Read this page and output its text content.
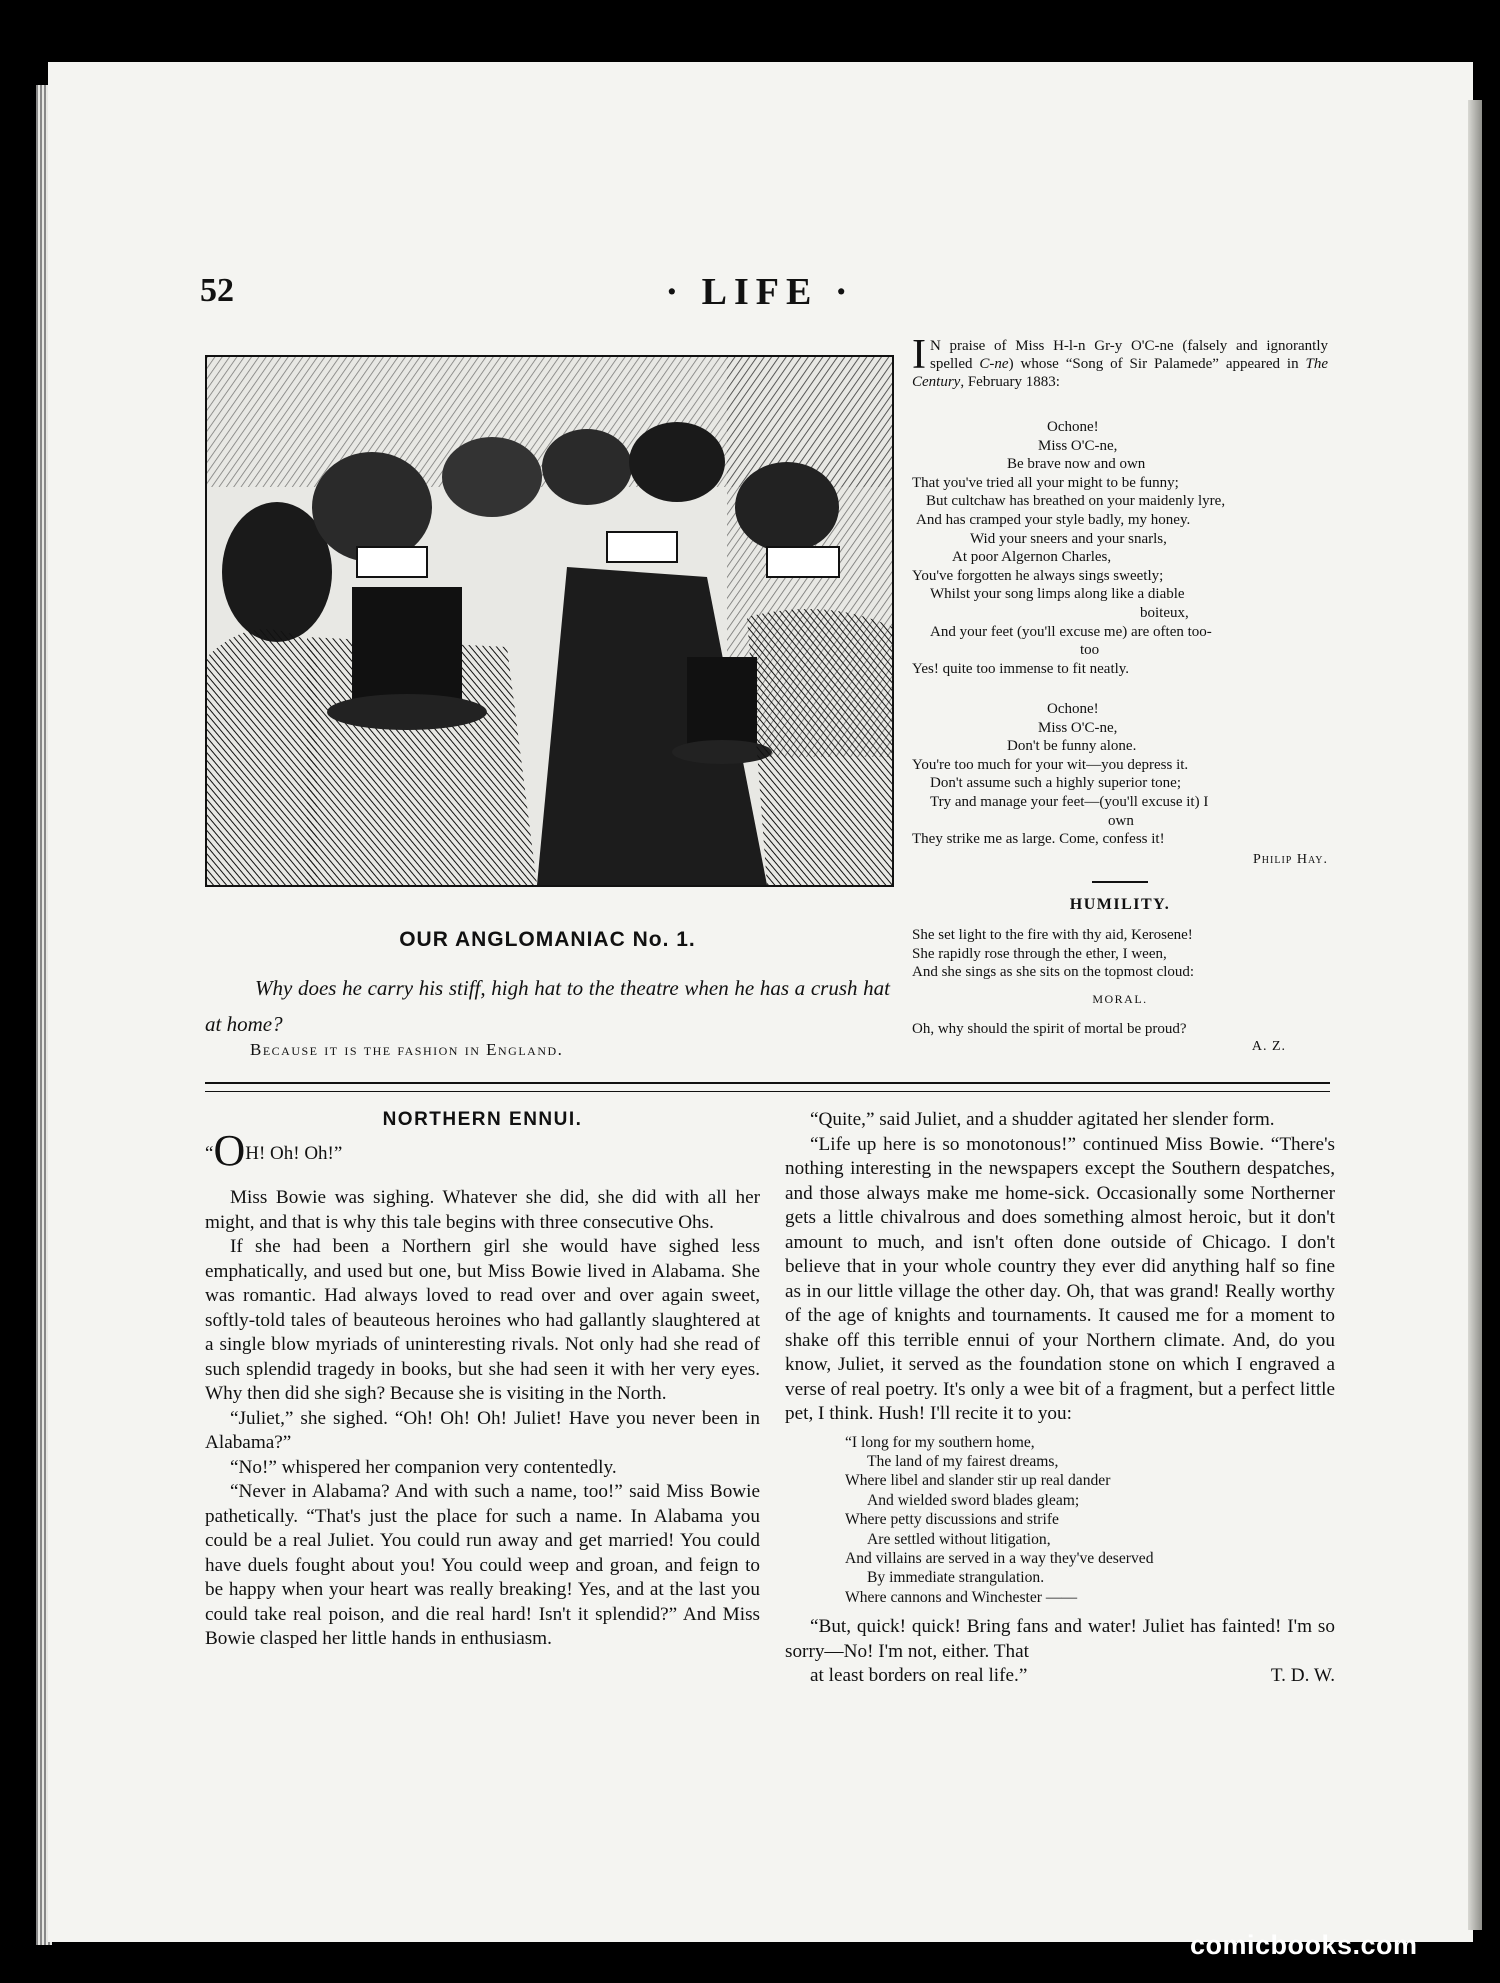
52	· LIFE ·

OUR ANGLOMANIAC No. 1.
Why does he carry his stiff, high hat to the theatre when he has a crush hat at home?
Because it is the fashion in England.
I N praise of Miss H-l-n Gr-y O'C-ne (falsely and ignorantly spelled C-ne) whose “Song of Sir Palamede” appeared in The Century, February 1883:
Ochone!
Miss O'C-ne,
Be brave now and own
That you've tried all your might to be funny;
But cultchaw has breathed on your maidenly lyre,
And has cramped your style badly, my honey.
Wid your sneers and your snarls,
At poor Algernon Charles,
You've forgotten he always sings sweetly;
Whilst your song limps along like a diable
boiteux,
And your feet (you'll excuse me) are often too-
too
Yes! quite too immense to fit neatly.
Ochone!
Miss O'C-ne,
Don't be funny alone.
You're too much for your wit—you depress it.
Don't assume such a highly superior tone;
Try and manage your feet—(you'll excuse it) I
own
They strike me as large. Come, confess it!
Philip Hay.
HUMILITY.
She set light to the fire with thy aid, Kerosene!
She rapidly rose through the ether, I ween,
And she sings as she sits on the topmost cloud:
MORAL.
Oh, why should the spirit of mortal be proud?
A. Z.
NORTHERN ENNUI.
“OH! Oh! Oh!”

Miss Bowie was sighing. Whatever she did, she did with all her might, and that is why this tale begins with three consecutive Ohs.

If she had been a Northern girl she would have sighed less emphatically, and used but one, but Miss Bowie lived in Alabama. She was romantic. Had always loved to read over and over again sweet, softly-told tales of beauteous heroines who had gallantly slaughtered at a single blow myriads of uninteresting rivals. Not only had she read of such splendid tragedy in books, but she had seen it with her very eyes. Why then did she sigh? Because she is visiting in the North.

“Juliet,” she sighed. “Oh! Oh! Oh! Juliet! Have you never been in Alabama?”

“No!” whispered her companion very contentedly.

“Never in Alabama? And with such a name, too!” said Miss Bowie pathetically. “That's just the place for such a name. In Alabama you could be a real Juliet. You could run away and get married! You could have duels fought about you! You could weep and groan, and feign to be happy when your heart was really breaking! Yes, and at the last you could take real poison, and die real hard! Isn't it splendid?” And Miss Bowie clasped her little hands in enthusiasm.

“Quite,” said Juliet, and a shudder agitated her slender form.

“Life up here is so monotonous!” continued Miss Bowie. “There's nothing interesting in the newspapers except the Southern despatches, and those always make me home-sick. Occasionally some Northerner gets a little chivalrous and does something almost heroic, but it don't amount to much, and isn't often done outside of Chicago. I don't believe that in your whole country they ever did anything half so fine as in our little village the other day. Oh, that was grand! Really worthy of the age of knights and tournaments. It caused me for a moment to shake off this terrible ennui of your Northern climate. And, do you know, Juliet, it served as the foundation stone on which I engraved a verse of real poetry. It's only a wee bit of a fragment, but a perfect little pet, I think. Hush! I'll recite it to you:

“I long for my southern home,
The land of my fairest dreams,
Where libel and slander stir up real dander
And wielded sword blades gleam;
Where petty discussions and strife
Are settled without litigation,
And villains are served in a way they've deserved
By immediate strangulation.
Where cannons and Winchester ——

“But, quick! quick! Bring fans and water! Juliet has fainted! I'm so sorry—No! I'm not, either. That

at least borders on real life.”	T. D. W.

comicbooks.com
